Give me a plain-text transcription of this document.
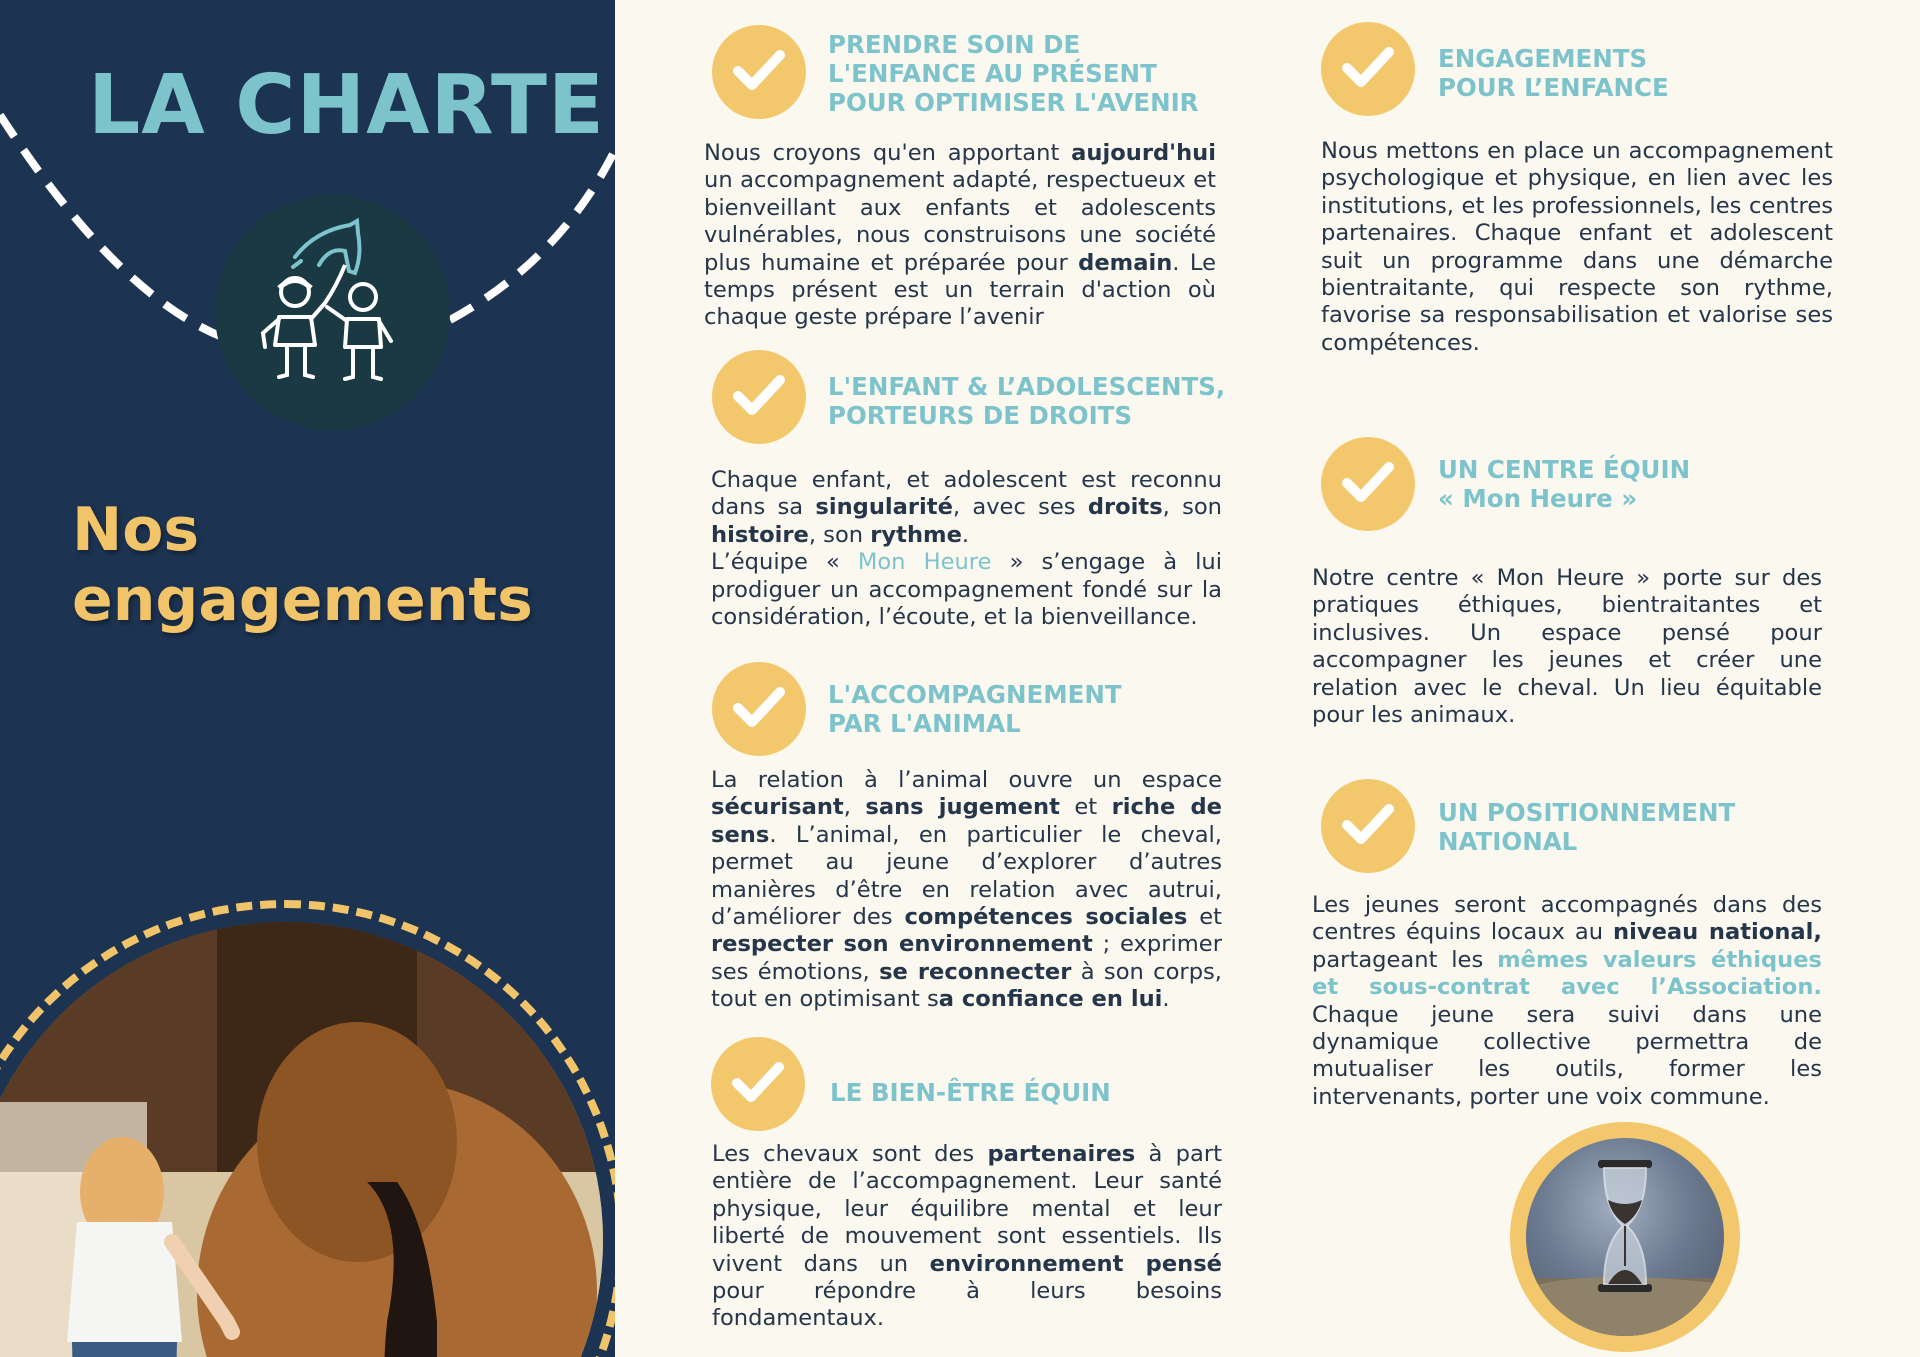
LA CHARTE
Nos
engagements
PRENDRE SOIN DE
L'ENFANCE AU PRÉSENT
POUR OPTIMISER L'AVENIR

Nous croyons qu'en apportant aujourd'hui un accompagnement adapté, respectueux et bienveillant aux enfants et adolescents vulnérables, nous construisons une société plus humaine et préparée pour demain. Le temps présent est un terrain d'action où chaque geste prépare l’avenir

L'ENFANT & L’ADOLESCENTS,
PORTEURS DE DROITS

Chaque enfant, et adolescent est reconnu dans sa singularité, avec ses droits, son histoire, son rythme.
L’équipe « Mon Heure » s’engage à lui prodiguer un accompagnement fondé sur la considération, l’écoute, et la bienveillance.

L'ACCOMPAGNEMENT
PAR L'ANIMAL

La relation à l’animal ouvre un espace sécurisant, sans jugement et riche de sens. L’animal, en particulier le cheval, permet au jeune d’explorer d’autres manières d’être en relation avec autrui, d’améliorer des compétences sociales et respecter son environnement ; exprimer ses émotions, se reconnecter à son corps, tout en optimisant sa confiance en lui.

LE BIEN-ÊTRE ÉQUIN

Les chevaux sont des partenaires à part entière de l’accompagnement. Leur santé physique, leur équilibre mental et leur liberté de mouvement sont essentiels. Ils vivent dans un environnement pensé pour répondre à leurs besoins fondamentaux.

ENGAGEMENTS
POUR L’ENFANCE

Nous mettons en place un accompagnement psychologique et physique, en lien avec les institutions, et les professionnels, les centres partenaires. Chaque enfant et adolescent suit un programme dans une démarche bientraitante, qui respecte son rythme, favorise sa responsabilisation et valorise ses compétences.

UN CENTRE ÉQUIN
« Mon Heure »

Notre centre « Mon Heure » porte sur des pratiques éthiques, bientraitantes et inclusives. Un espace pensé pour accompagner les jeunes et créer une relation avec le cheval. Un lieu équitable pour les animaux.

UN POSITIONNEMENT
NATIONAL

Les jeunes seront accompagnés dans des centres équins locaux au niveau national, partageant les mêmes valeurs éthiques et sous-contrat avec l’Association. Chaque jeune sera suivi dans une dynamique collective permettra de mutualiser les outils, former les intervenants, porter une voix commune.
